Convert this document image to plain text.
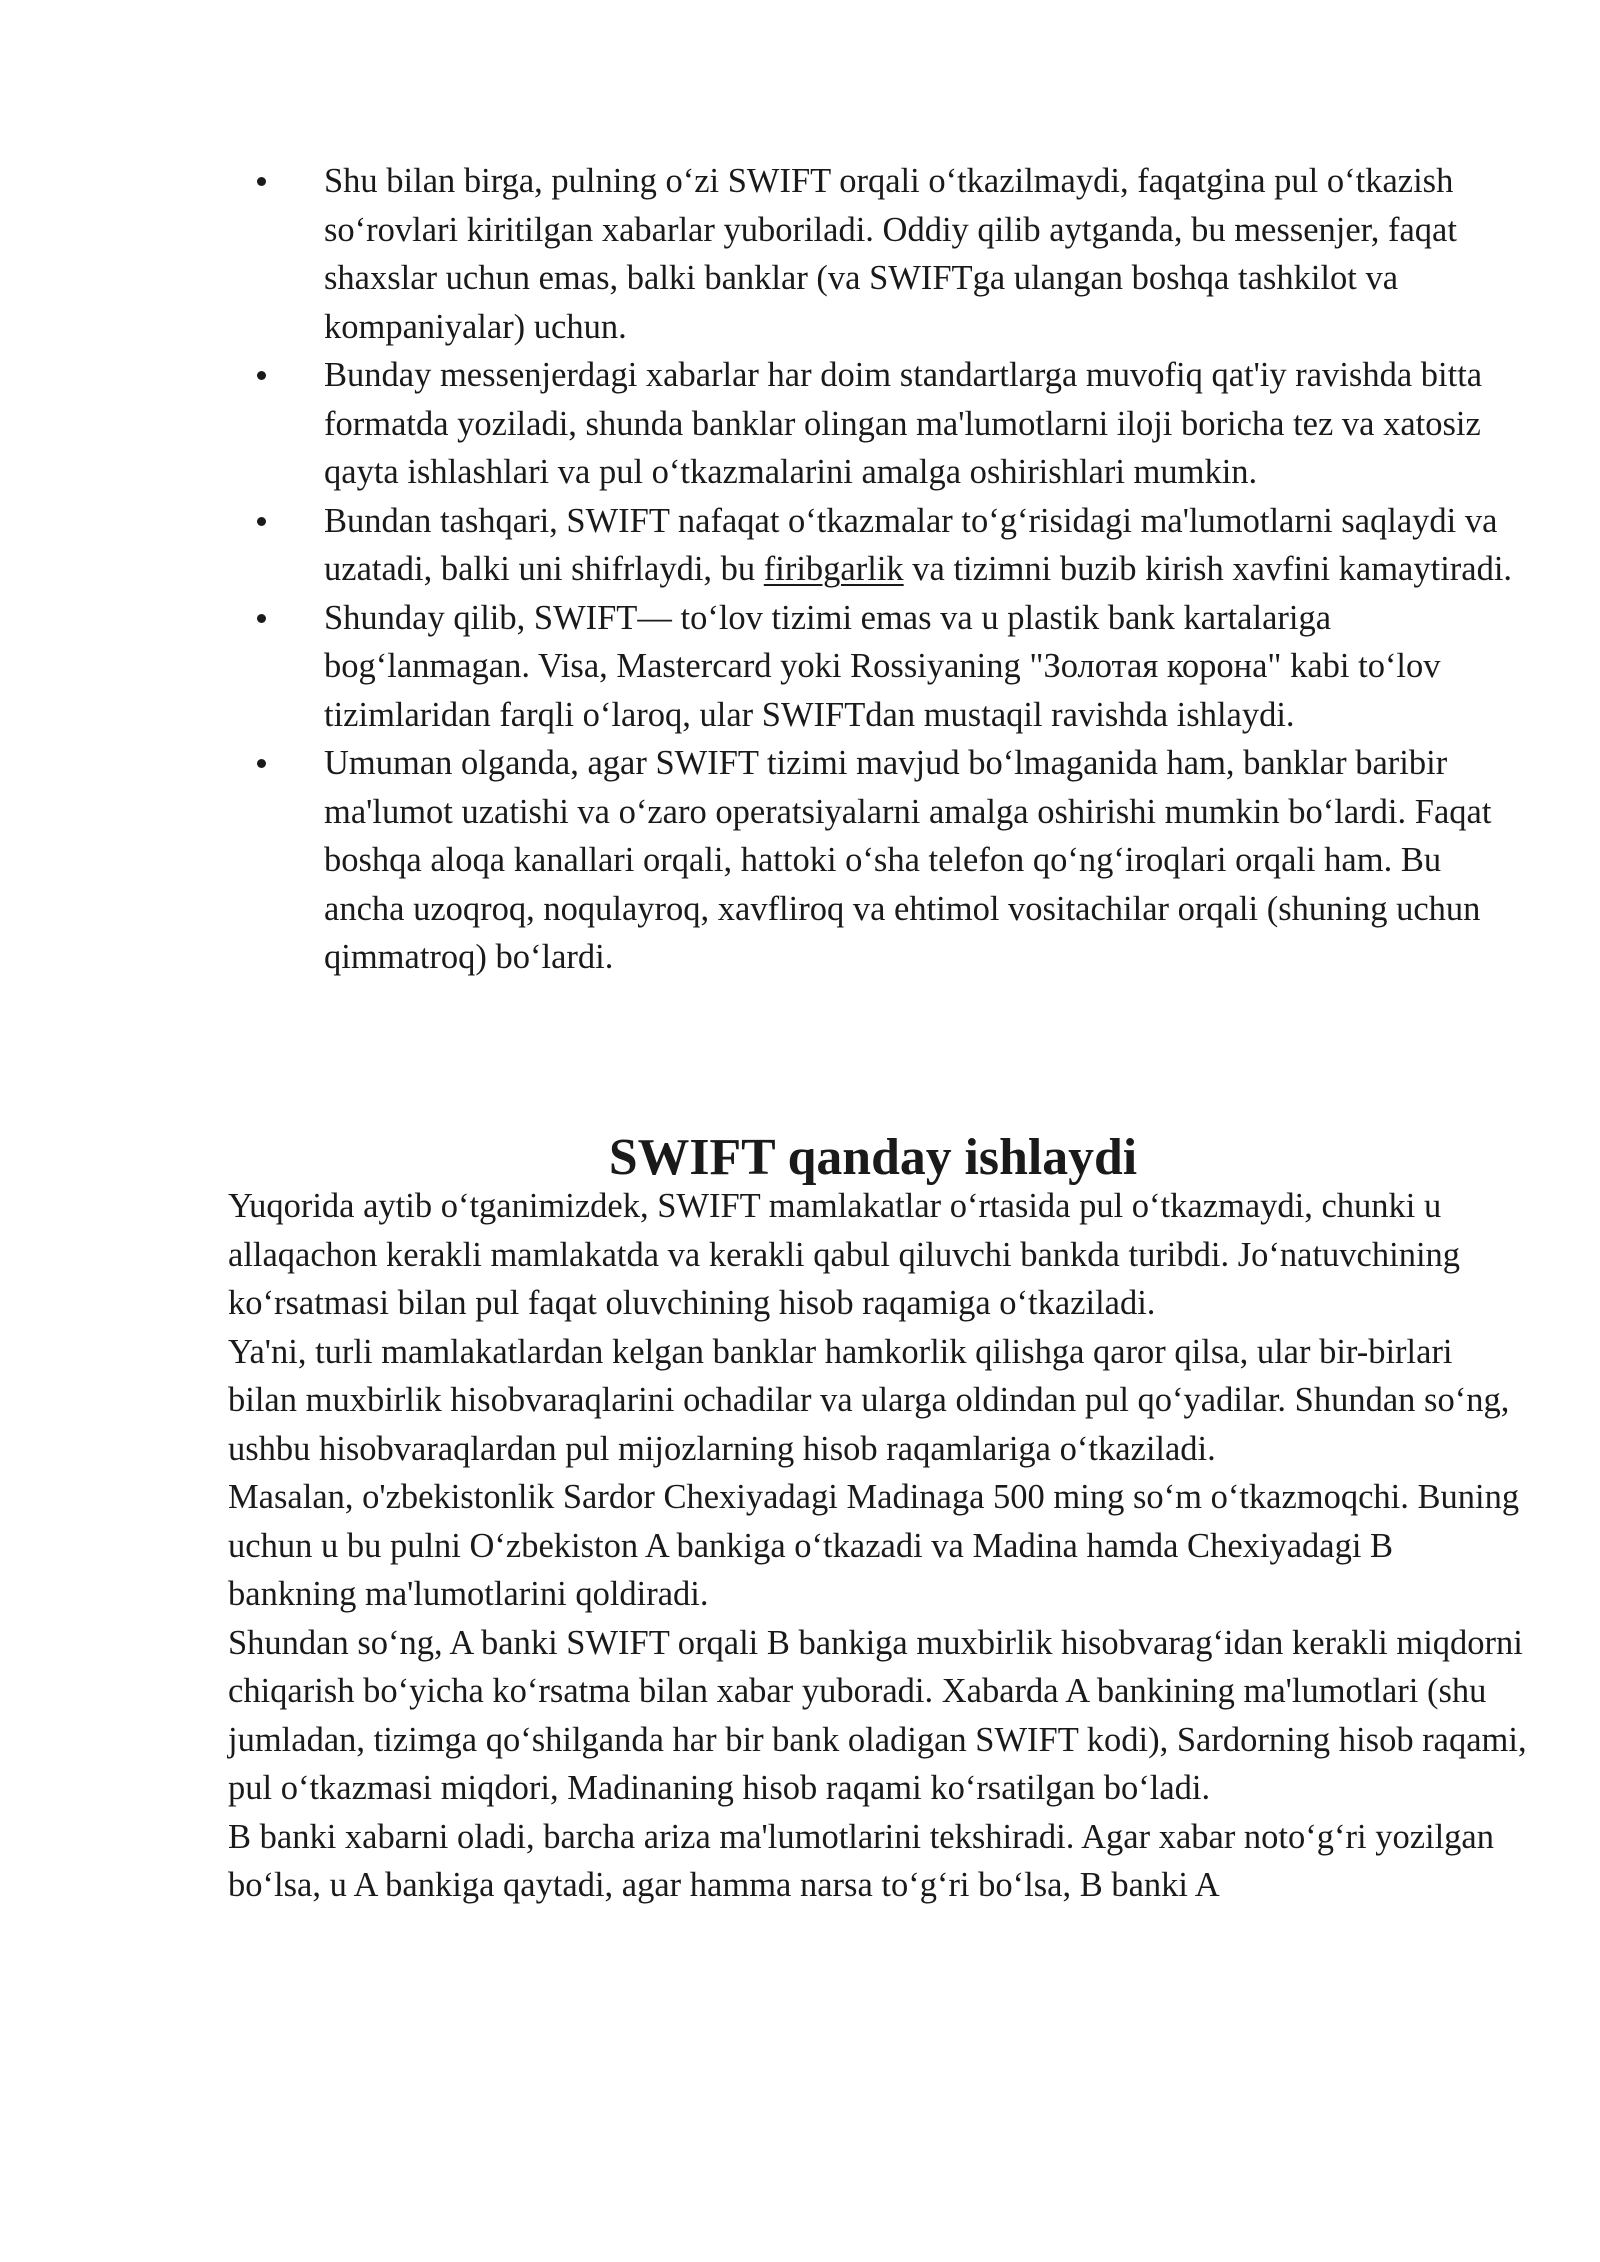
Shu bilan birga, pulning o‘zi SWIFT orqali o‘tkazilmaydi, faqatgina pul o‘tkazish so‘rovlari kiritilgan xabarlar yuboriladi. Oddiy qilib aytganda, bu messenjer, faqat shaxslar uchun emas, balki banklar (va SWIFTga ulangan boshqa tashkilot va kompaniyalar) uchun.
Bunday messenjerdagi xabarlar har doim standartlarga muvofiq qat'iy ravishda bitta formatda yoziladi, shunda banklar olingan ma'lumotlarni iloji boricha tez va xatosiz qayta ishlashlari va pul o‘tkazmalarini amalga oshirishlari mumkin.
Bundan tashqari, SWIFT nafaqat o‘tkazmalar to‘g‘risidagi ma'lumotlarni saqlaydi va uzatadi, balki uni shifrlaydi, bu firibgarlik va tizimni buzib kirish xavfini kamaytiradi.
Shunday qilib, SWIFT— to‘lov tizimi emas va u plastik bank kartalariga bog‘lanmagan. Visa, Mastercard yoki Rossiyaning "Золотая корона" kabi to‘lov tizimlaridan farqli o‘laroq, ular SWIFTdan mustaqil ravishda ishlaydi.
Umuman olganda, agar SWIFT tizimi mavjud bo‘lmaganida ham, banklar baribir ma'lumot uzatishi va o‘zaro operatsiyalarni amalga oshirishi mumkin bo‘lardi. Faqat boshqa aloqa kanallari orqali, hattoki o‘sha telefon qo‘ng‘iroqlari orqali ham. Bu ancha uzoqroq, noqulayroq, xavfliroq va ehtimol vositachilar orqali (shuning uchun qimmatroq) bo‘lardi.
SWIFT qanday ishlaydi

Yuqorida aytib o‘tganimizdek, SWIFT mamlakatlar o‘rtasida pul o‘tkazmaydi, chunki u allaqachon kerakli mamlakatda va kerakli qabul qiluvchi bankda turibdi. Jo‘natuvchining ko‘rsatmasi bilan pul faqat oluvchining hisob raqamiga o‘tkaziladi.

Ya'ni, turli mamlakatlardan kelgan banklar hamkorlik qilishga qaror qilsa, ular bir-birlari bilan muxbirlik hisobvaraqlarini ochadilar va ularga oldindan pul qo‘yadilar. Shundan so‘ng, ushbu hisobvaraqlardan pul mijozlarning hisob raqamlariga o‘tkaziladi.

Masalan, o'zbekistonlik Sardor Chexiyadagi Madinaga 500 ming so‘m o‘tkazmoqchi. Buning uchun u bu pulni O‘zbekiston A bankiga o‘tkazadi va Madina hamda Chexiyadagi B bankning ma'lumotlarini qoldiradi.

Shundan so‘ng, A banki SWIFT orqali B bankiga muxbirlik hisobvarag‘idan kerakli miqdorni chiqarish bo‘yicha ko‘rsatma bilan xabar yuboradi. Xabarda A bankining ma'lumotlari (shu jumladan, tizimga qo‘shilganda har bir bank oladigan SWIFT kodi), Sardorning hisob raqami, pul o‘tkazmasi miqdori, Madinaning hisob raqami ko‘rsatilgan bo‘ladi.

B banki xabarni oladi, barcha ariza ma'lumotlarini tekshiradi. Agar xabar noto‘g‘ri yozilgan bo‘lsa, u A bankiga qaytadi, agar hamma narsa to‘g‘ri bo‘lsa, B banki A
